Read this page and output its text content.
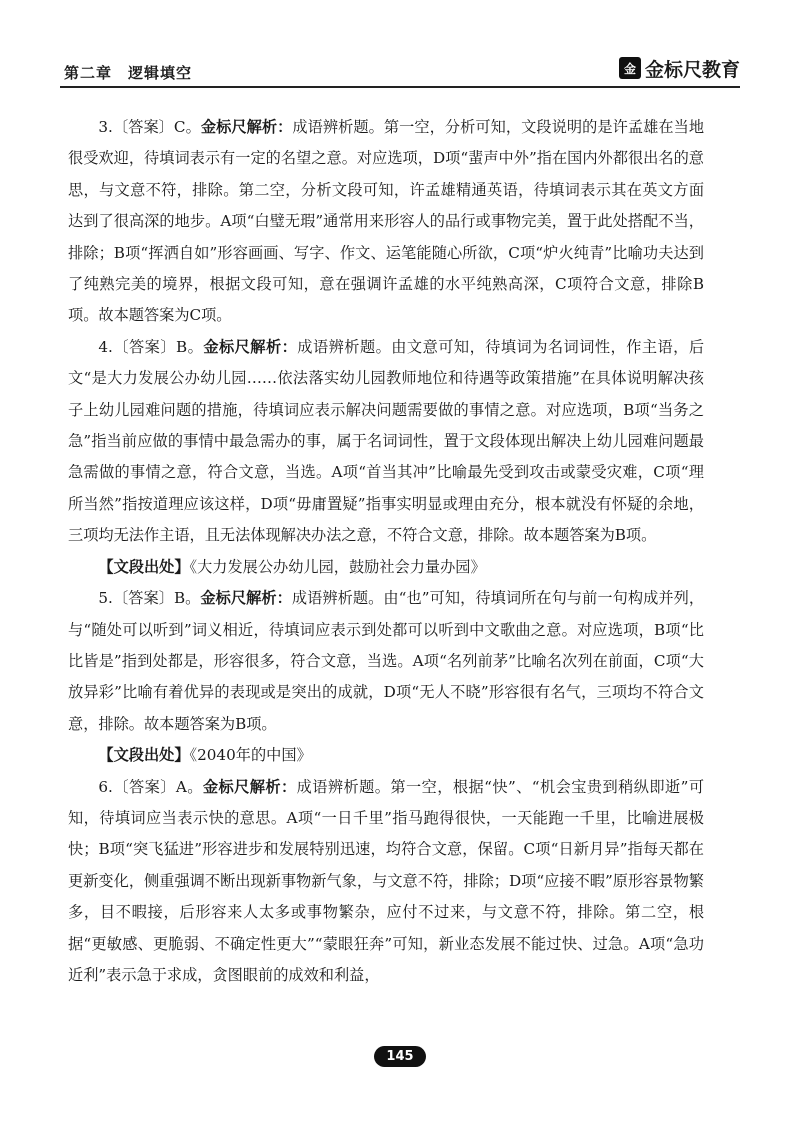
第二章　逻辑填空	金 金标尺教育

3.〔答案〕C。金标尺解析：成语辨析题。第一空，分析可知，文段说明的是许孟雄在当地很受欢迎，待填词表示有一定的名望之意。对应选项，D项“蜚声中外”指在国内外都很出名的意思，与文意不符，排除。第二空，分析文段可知，许孟雄精通英语，待填词表示其在英文方面达到了很高深的地步。A项“白璧无瑕”通常用来形容人的品行或事物完美，置于此处搭配不当，排除；B项“挥洒自如”形容画画、写字、作文、运笔能随心所欲，C项“炉火纯青”比喻功夫达到了纯熟完美的境界，根据文段可知，意在强调许孟雄的水平纯熟高深，C项符合文意，排除B项。故本题答案为C项。

4.〔答案〕B。金标尺解析：成语辨析题。由文意可知，待填词为名词词性，作主语，后文“是大力发展公办幼儿园……依法落实幼儿园教师地位和待遇等政策措施”在具体说明解决孩子上幼儿园难问题的措施，待填词应表示解决问题需要做的事情之意。对应选项，B项“当务之急”指当前应做的事情中最急需办的事，属于名词词性，置于文段体现出解决上幼儿园难问题最急需做的事情之意，符合文意，当选。A项“首当其冲”比喻最先受到攻击或蒙受灾难，C项“理所当然”指按道理应该这样，D项“毋庸置疑”指事实明显或理由充分，根本就没有怀疑的余地，三项均无法作主语，且无法体现解决办法之意，不符合文意，排除。故本题答案为B项。

【文段出处】《大力发展公办幼儿园，鼓励社会力量办园》

5.〔答案〕B。金标尺解析：成语辨析题。由“也”可知，待填词所在句与前一句构成并列，与“随处可以听到”词义相近，待填词应表示到处都可以听到中文歌曲之意。对应选项，B项“比比皆是”指到处都是，形容很多，符合文意，当选。A项“名列前茅”比喻名次列在前面，C项“大放异彩”比喻有着优异的表现或是突出的成就，D项“无人不晓”形容很有名气，三项均不符合文意，排除。故本题答案为B项。

【文段出处】《2040年的中国》

6.〔答案〕A。金标尺解析：成语辨析题。第一空，根据“快”、“机会宝贵到稍纵即逝”可知，待填词应当表示快的意思。A项“一日千里”指马跑得很快，一天能跑一千里，比喻进展极快；B项“突飞猛进”形容进步和发展特别迅速，均符合文意，保留。C项“日新月异”指每天都在更新变化，侧重强调不断出现新事物新气象，与文意不符，排除；D项“应接不暇”原形容景物繁多，目不暇接，后形容来人太多或事物繁杂，应付不过来，与文意不符，排除。第二空，根据“更敏感、更脆弱、不确定性更大”“蒙眼狂奔”可知，新业态发展不能过快、过急。A项“急功近利”表示急于求成，贪图眼前的成效和利益，

145
